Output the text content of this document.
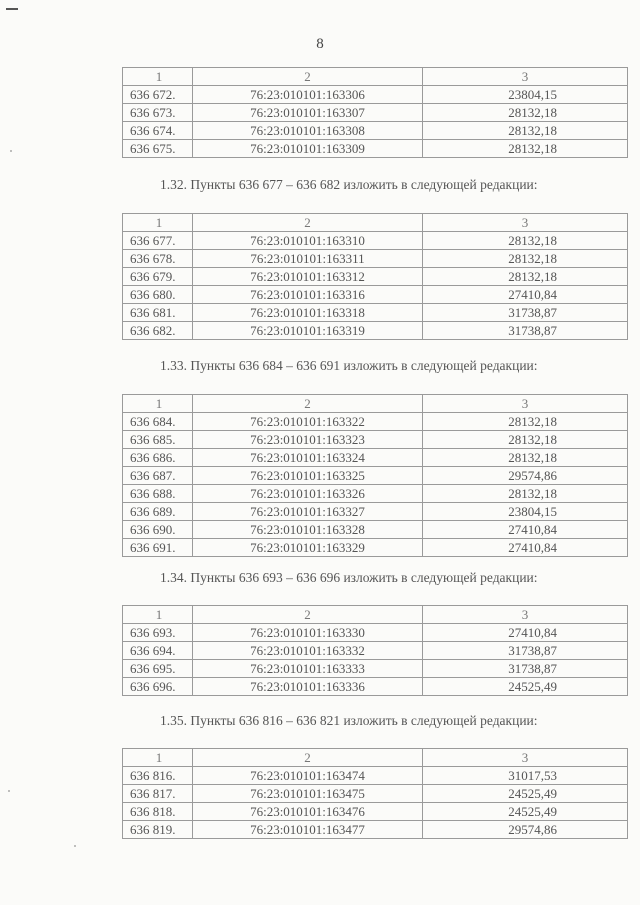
8
1	2	3
636 672.	76:23:010101:163306	23804,15
636 673.	76:23:010101:163307	28132,18
636 674.	76:23:010101:163308	28132,18
636 675.	76:23:010101:163309	28132,18
1.32. Пункты 636 677 – 636 682 изложить в следующей редакции:
1	2	3
636 677.	76:23:010101:163310	28132,18
636 678.	76:23:010101:163311	28132,18
636 679.	76:23:010101:163312	28132,18
636 680.	76:23:010101:163316	27410,84
636 681.	76:23:010101:163318	31738,87
636 682.	76:23:010101:163319	31738,87
1.33. Пункты 636 684 – 636 691 изложить в следующей редакции:
1	2	3
636 684.	76:23:010101:163322	28132,18
636 685.	76:23:010101:163323	28132,18
636 686.	76:23:010101:163324	28132,18
636 687.	76:23:010101:163325	29574,86
636 688.	76:23:010101:163326	28132,18
636 689.	76:23:010101:163327	23804,15
636 690.	76:23:010101:163328	27410,84
636 691.	76:23:010101:163329	27410,84
1.34. Пункты 636 693 – 636 696 изложить в следующей редакции:
1	2	3
636 693.	76:23:010101:163330	27410,84
636 694.	76:23:010101:163332	31738,87
636 695.	76:23:010101:163333	31738,87
636 696.	76:23:010101:163336	24525,49
1.35. Пункты 636 816 – 636 821 изложить в следующей редакции:
1	2	3
636 816.	76:23:010101:163474	31017,53
636 817.	76:23:010101:163475	24525,49
636 818.	76:23:010101:163476	24525,49
636 819.	76:23:010101:163477	29574,86
